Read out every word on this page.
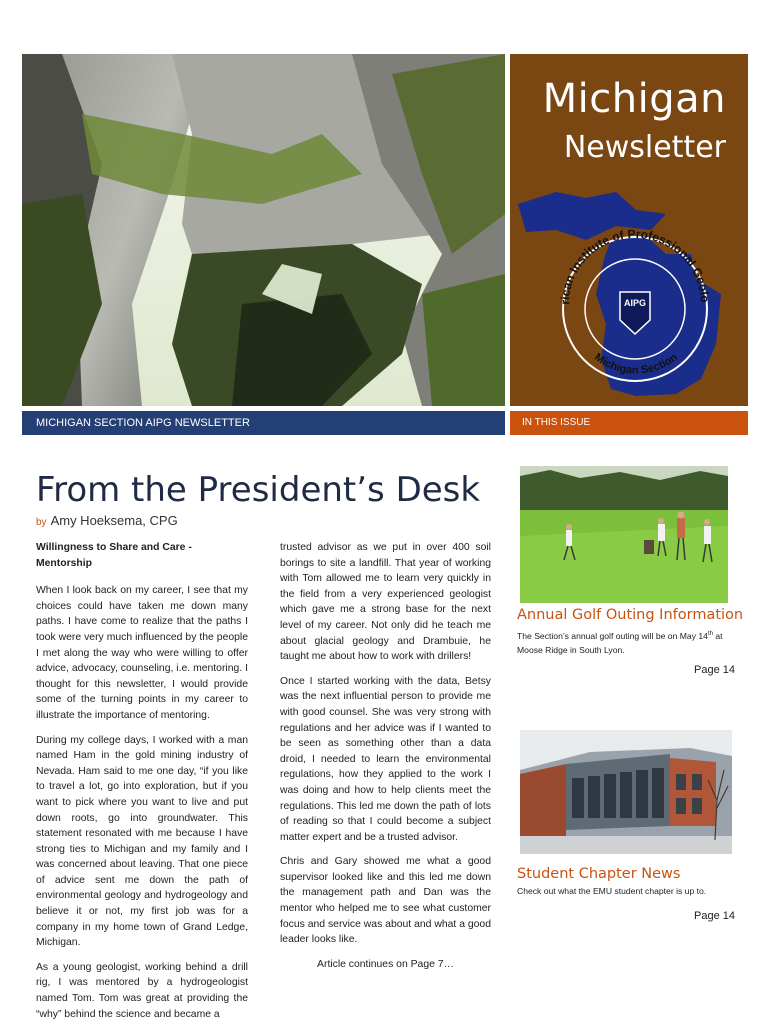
Michigan
Newsletter
rican Institute of Professional Geolo
Michigan Section
AIPG
MICHIGAN SECTION AIPG NEWSLETTER	IN THIS ISSUE
From the President’s Desk
by Amy Hoeksema, CPG

Willingness to Share and Care - Mentorship

When I look back on my career, I see that my choices could have taken me down many paths. I have come to realize that the paths I took were very much influenced by the people I met along the way who were willing to offer advice, advocacy, counseling, i.e. mentoring. I thought for this newsletter, I would provide some of the turning points in my career to illustrate the importance of mentoring.

During my college days, I worked with a man named Ham in the gold mining industry of Nevada. Ham said to me one day, “if you like to travel a lot, go into exploration, but if you want to pick where you want to live and put down roots, go into groundwater. This statement resonated with me because I have strong ties to Michigan and my family and I was concerned about leaving. That one piece of advice sent me down the path of environmental geology and hydrogeology and believe it or not, my first job was for a company in my home town of Grand Ledge, Michigan.

As a young geologist, working behind a drill rig, I was mentored by a hydrogeologist named Tom. Tom was great at providing the “why” behind the science and became a

trusted advisor as we put in over 400 soil borings to site a landfill. That year of working with Tom allowed me to learn very quickly in the field from a very experienced geologist which gave me a strong base for the next level of my career. Not only did he teach me about glacial geology and Drambuie, he taught me about how to work with drillers!

Once I started working with the data, Betsy was the next influential person to provide me with good counsel. She was very strong with regulations and her advice was if I wanted to be seen as something other than a data droid, I needed to learn the environmental regulations, how they applied to the work I was doing and how to help clients meet the regulations. This led me down the path of lots of reading so that I could become a subject matter expert and be a trusted advisor.

Chris and Gary showed me what a good supervisor looked like and this led me down the management path and Dan was the mentor who helped me to see what customer focus and service was about and what a good leader looks like.

Article continues on Page 7…

Annual Golf Outing Information
The Section’s annual golf outing will be on May 14th at Moose Ridge in South Lyon.
Page 14
Student Chapter News
Check out what the EMU student chapter is up to.
Page 14
